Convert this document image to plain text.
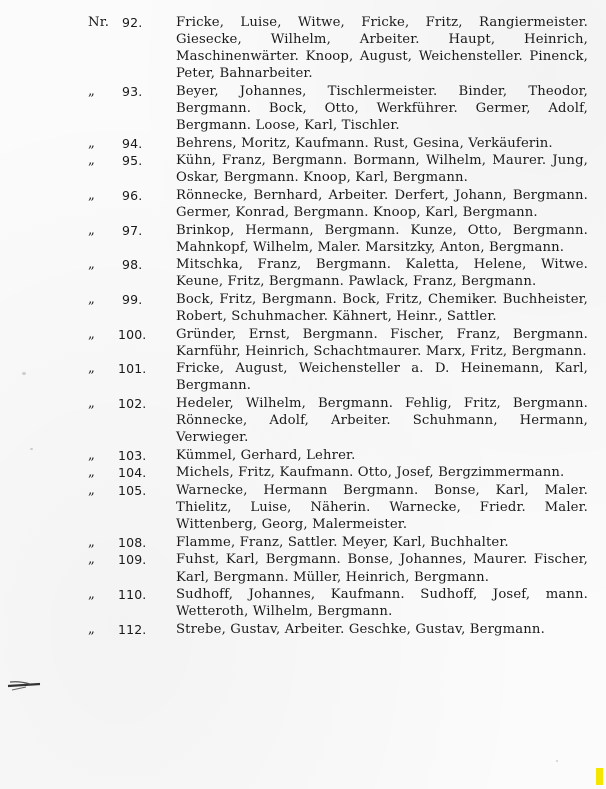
Nr. 92.	Fricke, Luise, Witwe, Fricke, Fritz, Rangiermeister. Giesecke, Wilhelm, Arbeiter. Haupt, Heinrich, Maschinenwärter. Knoop, August, Weichensteller. Pinenck, Peter, Bahnarbeiter.
„	93.	Beyer, Johannes, Tischlermeister. Binder, Theodor, Bergmann. Bock, Otto, Werkführer. Germer, Adolf, Bergmann. Loose, Karl, Tischler.
„	94.	Behrens, Moritz, Kaufmann. Rust, Gesina, Verkäuferin.
„	95.	Kühn, Franz, Bergmann. Bormann, Wilhelm, Maurer. Jung, Oskar, Bergmann. Knoop, Karl, Bergmann.
„	96.	Rönnecke, Bernhard, Arbeiter. Derfert, Johann, Bergmann. Germer, Konrad, Bergmann. Knoop, Karl, Bergmann.
„	97.	Brinkop, Hermann, Bergmann. Kunze, Otto, Bergmann. Mahnkopf, Wilhelm, Maler. Marsitzky, Anton, Bergmann.
„	98.	Mitschka, Franz, Bergmann. Kaletta, Helene, Witwe. Keune, Fritz, Bergmann. Pawlack, Franz, Bergmann.
„	99.	Bock, Fritz, Bergmann. Bock, Fritz, Chemiker. Buchheister, Robert, Schuhmacher. Kähnert, Heinr., Sattler.
„	100.	Gründer, Ernst, Bergmann. Fischer, Franz, Bergmann. Karnführ, Heinrich, Schachtmaurer. Marx, Fritz, Bergmann.
„	101.	Fricke, August, Weichensteller a. D. Heinemann, Karl, Bergmann.
„	102.	Hedeler, Wilhelm, Bergmann. Fehlig, Fritz, Bergmann. Rönnecke, Adolf, Arbeiter. Schuhmann, Hermann, Verwieger.
„	103.	Kümmel, Gerhard, Lehrer.
„	104.	Michels, Fritz, Kaufmann. Otto, Josef, Bergzimmermann.
„	105.	Warnecke, Hermann Bergmann. Bonse, Karl, Maler. Thielitz, Luise, Näherin. Warnecke, Friedr. Maler. Wittenberg, Georg, Malermeister.
„	108.	Flamme, Franz, Sattler. Meyer, Karl, Buchhalter.
„	109.	Fuhst, Karl, Bergmann. Bonse, Johannes, Maurer. Fischer, Karl, Bergmann. Müller, Heinrich, Bergmann.
„	110.	Sudhoff, Johannes, Kaufmann. Sudhoff, Josef, mann. Wetteroth, Wilhelm, Bergmann.
„	112.	Strebe, Gustav, Arbeiter. Geschke, Gustav, Bergmann.
